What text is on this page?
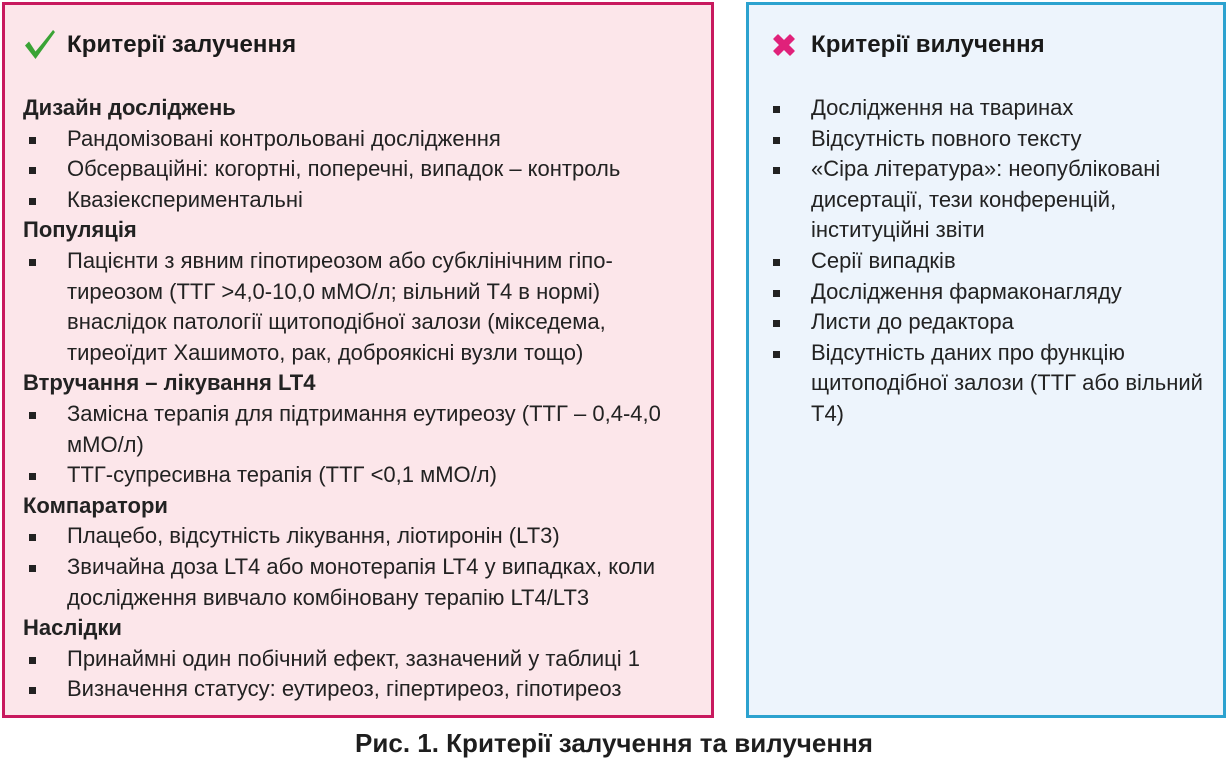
Критерії залучення
Дизайн досліджень
Рандомізовані контрольовані дослідження
Обсерваційні: когортні, поперечні, випадок – контроль
Квазіекспериментальні
Популяція
Пацієнти з явним гіпотиреозом або субклінічним гіпо-тиреозом (ТТГ >4,0-10,0 мМО/л; вільний Т4 в нормі) внаслідок патології щитоподібної залози (мікседема, тиреоїдит Хашимото, рак, доброякісні вузли тощо)
Втручання – лікування LT4
Замісна терапія для підтримання еутиреозу (ТТГ – 0,4-4,0 мМО/л)
ТТГ-супресивна терапія (ТТГ <0,1 мМО/л)
Компаратори
Плацебо, відсутність лікування, ліотиронін (LT3)
Звичайна доза LT4 або монотерапія LT4 у випадках, коли дослідження вивчало комбіновану терапію LT4/LT3
Наслідки
Принаймні один побічний ефект, зазначений у таблиці 1
Визначення статусу: еутиреоз, гіпертиреоз, гіпотиреоз
Критерії вилучення
Дослідження на тваринах
Відсутність повного тексту
«Сіра література»: неопубліковані дисертації, тези конференцій, інституційні звіти
Серії випадків
Дослідження фармаконагляду
Листи до редактора
Відсутність даних про функцію щитоподібної залози (ТТГ або вільний Т4)
Рис. 1. Критерії залучення та вилучення
